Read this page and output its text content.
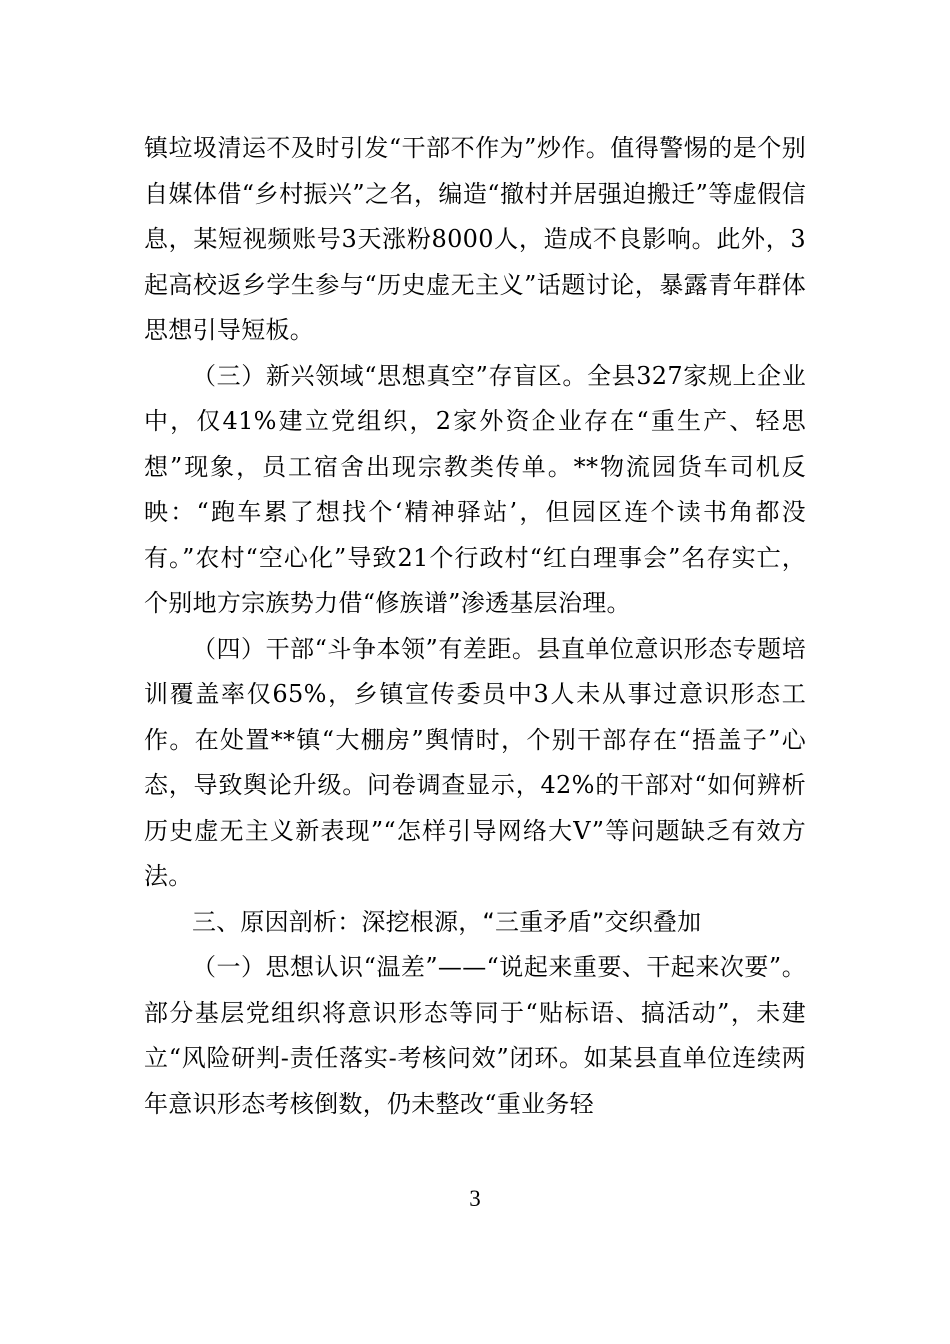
镇垃圾清运不及时引发“干部不作为”炒作。值得警惕的是个别自媒体借“乡村振兴”之名，编造“撤村并居强迫搬迁”等虚假信息，某短视频账号3天涨粉8000人，造成不良影响。此外，3起高校返乡学生参与“历史虚无主义”话题讨论，暴露青年群体思想引导短板。

（三）新兴领域“思想真空”存盲区。全县327家规上企业中，仅41%建立党组织，2家外资企业存在“重生产、轻思想”现象，员工宿舍出现宗教类传单。**物流园货车司机反映：“跑车累了想找个‘精神驿站’，但园区连个读书角都没有。”农村“空心化”导致21个行政村“红白理事会”名存实亡，个别地方宗族势力借“修族谱”渗透基层治理。

（四）干部“斗争本领”有差距。县直单位意识形态专题培训覆盖率仅65%，乡镇宣传委员中3人未从事过意识形态工作。在处置**镇“大棚房”舆情时，个别干部存在“捂盖子”心态，导致舆论升级。问卷调查显示，42%的干部对“如何辨析历史虚无主义新表现”“怎样引导网络大V”等问题缺乏有效方法。

三、原因剖析：深挖根源，“三重矛盾”交织叠加

（一）思想认识“温差”——“说起来重要、干起来次要”。部分基层党组织将意识形态等同于“贴标语、搞活动”，未建立“风险研判-责任落实-考核问效”闭环。如某县直单位连续两年意识形态考核倒数，仍未整改“重业务轻

3
